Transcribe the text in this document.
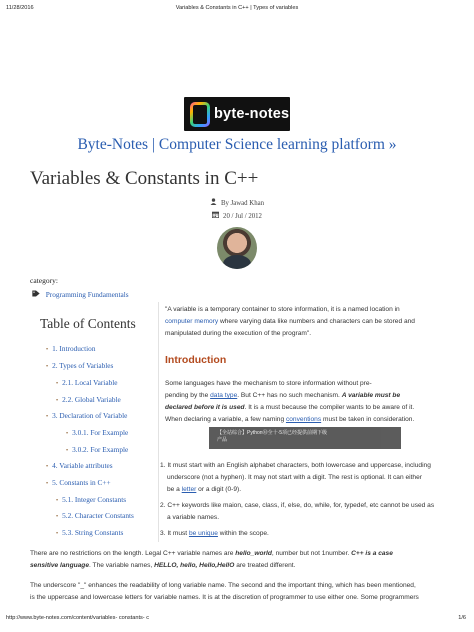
11/28/2016	Variables & Constants in C++ | Types of variables
byte-notes
Byte-Notes | Computer Science learning platform »
Variables & Constants in C++
By Jawad Khan
20 / Jul / 2012
category:
Programming Fundamentals
Table of Contents
• 1. Introduction
• 2. Types of Variables
• 2.1. Local Variable
• 2.2. Global Variable
• 3. Declaration of Variable
• 3.0.1. For Example
• 3.0.2. For Example
• 4. Variable attributes
• 5. Constants in C++
• 5.1. Integer Constants
• 5.2. Character Constants
• 5.3. String Constants
"A variable is a temporary container to store information, it is a named location in
computer memory where varying data like numbers and characters can be stored and
manipulated during the execution of the program".
Introduction
Some languages have the mechanism to store information without pre-
pending by the data type. But C++ has no such mechanism. A variable must be
declared before it is used. It is a must because the compiler wants to be aware of it.
When declaring a variable, a few naming conventions must be taken in consideration.
【全站综合】PythonⓂ全十·5项已经提供前期下级
产品
1. It must start with an English alphabet characters, both lowercase and uppercase, including
underscore (not a hyphen). It may not start with a digit. The rest is optional. It can either
be a letter or a digit (0-9).
2. C++ keywords like maion, case, class, if, else, do, while, for, typedef, etc cannot be used as
a variable names.
3. It must be unique within the scope.
There are no restrictions on the length. Legal C++ variable names are hello_world, number but not 1number. C++ is a case
sensitive language. The variable names, HELLO, hello, Hello,HellO are treated different.
The underscore "_" enhances the readability of long variable name. The second and the important thing, which has been mentioned,
is the uppercase and lowercase letters for variable names. It is at the discretion of programmer to use either one. Some programmers
http://www.byte-notes.com/content/variables- constants- c	1/6
